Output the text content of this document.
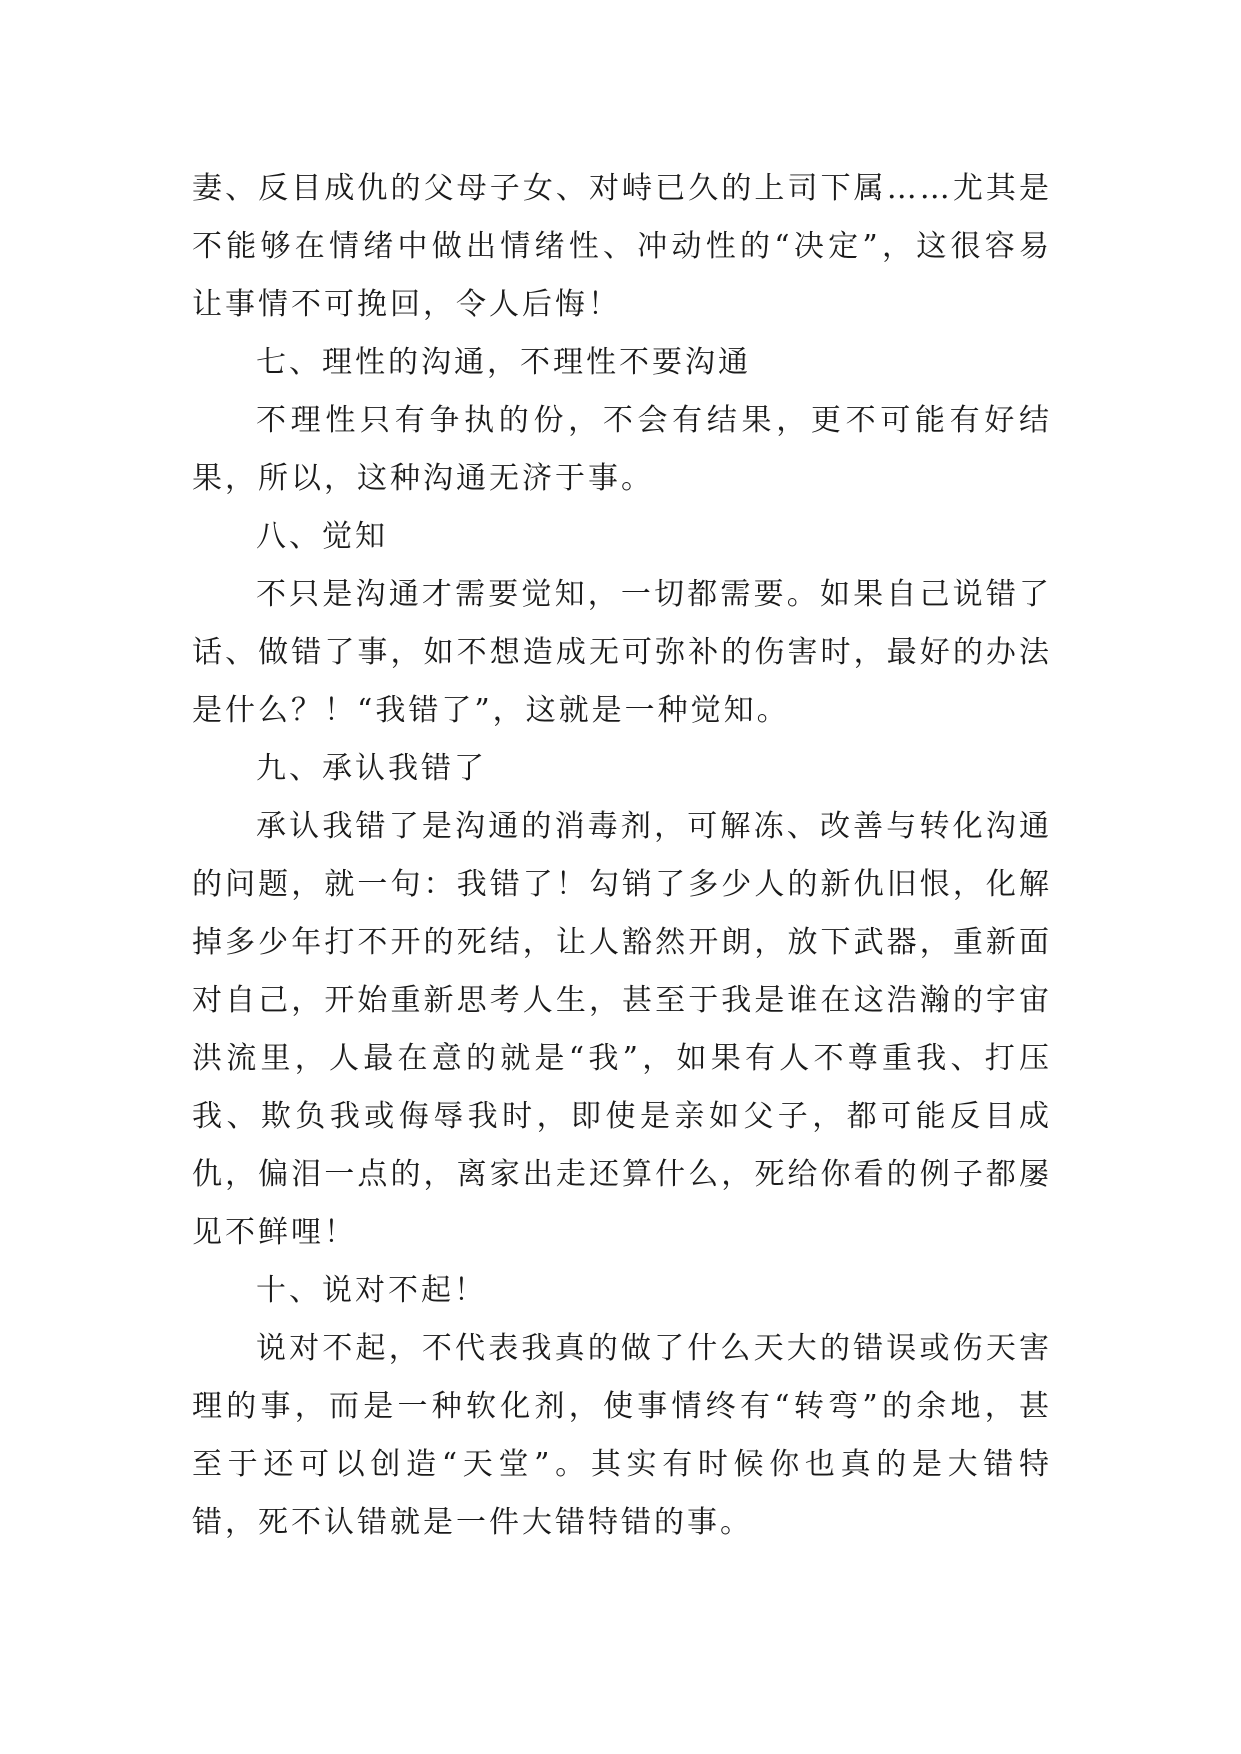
妻、反目成仇的父母子女、对峙已久的上司下属……尤其是不能够在情绪中做出情绪性、冲动性的“决定”，这很容易让事情不可挽回，令人后悔！

七、理性的沟通，不理性不要沟通

不理性只有争执的份，不会有结果，更不可能有好结果，所以，这种沟通无济于事。

八、觉知

不只是沟通才需要觉知，一切都需要。如果自己说错了话、做错了事，如不想造成无可弥补的伤害时，最好的办法是什么？！“我错了”，这就是一种觉知。

九、承认我错了

承认我错了是沟通的消毒剂，可解冻、改善与转化沟通的问题，就一句：我错了！勾销了多少人的新仇旧恨，化解掉多少年打不开的死结，让人豁然开朗，放下武器，重新面对自己，开始重新思考人生，甚至于我是谁在这浩瀚的宇宙洪流里，人最在意的就是“我”，如果有人不尊重我、打压我、欺负我或侮辱我时，即使是亲如父子，都可能反目成仇，偏泪一点的，离家出走还算什么，死给你看的例子都屡见不鲜哩！

十、说对不起！

说对不起，不代表我真的做了什么天大的错误或伤天害理的事，而是一种软化剂，使事情终有“转弯”的余地，甚至于还可以创造“天堂”。其实有时候你也真的是大错特错，死不认错就是一件大错特错的事。
